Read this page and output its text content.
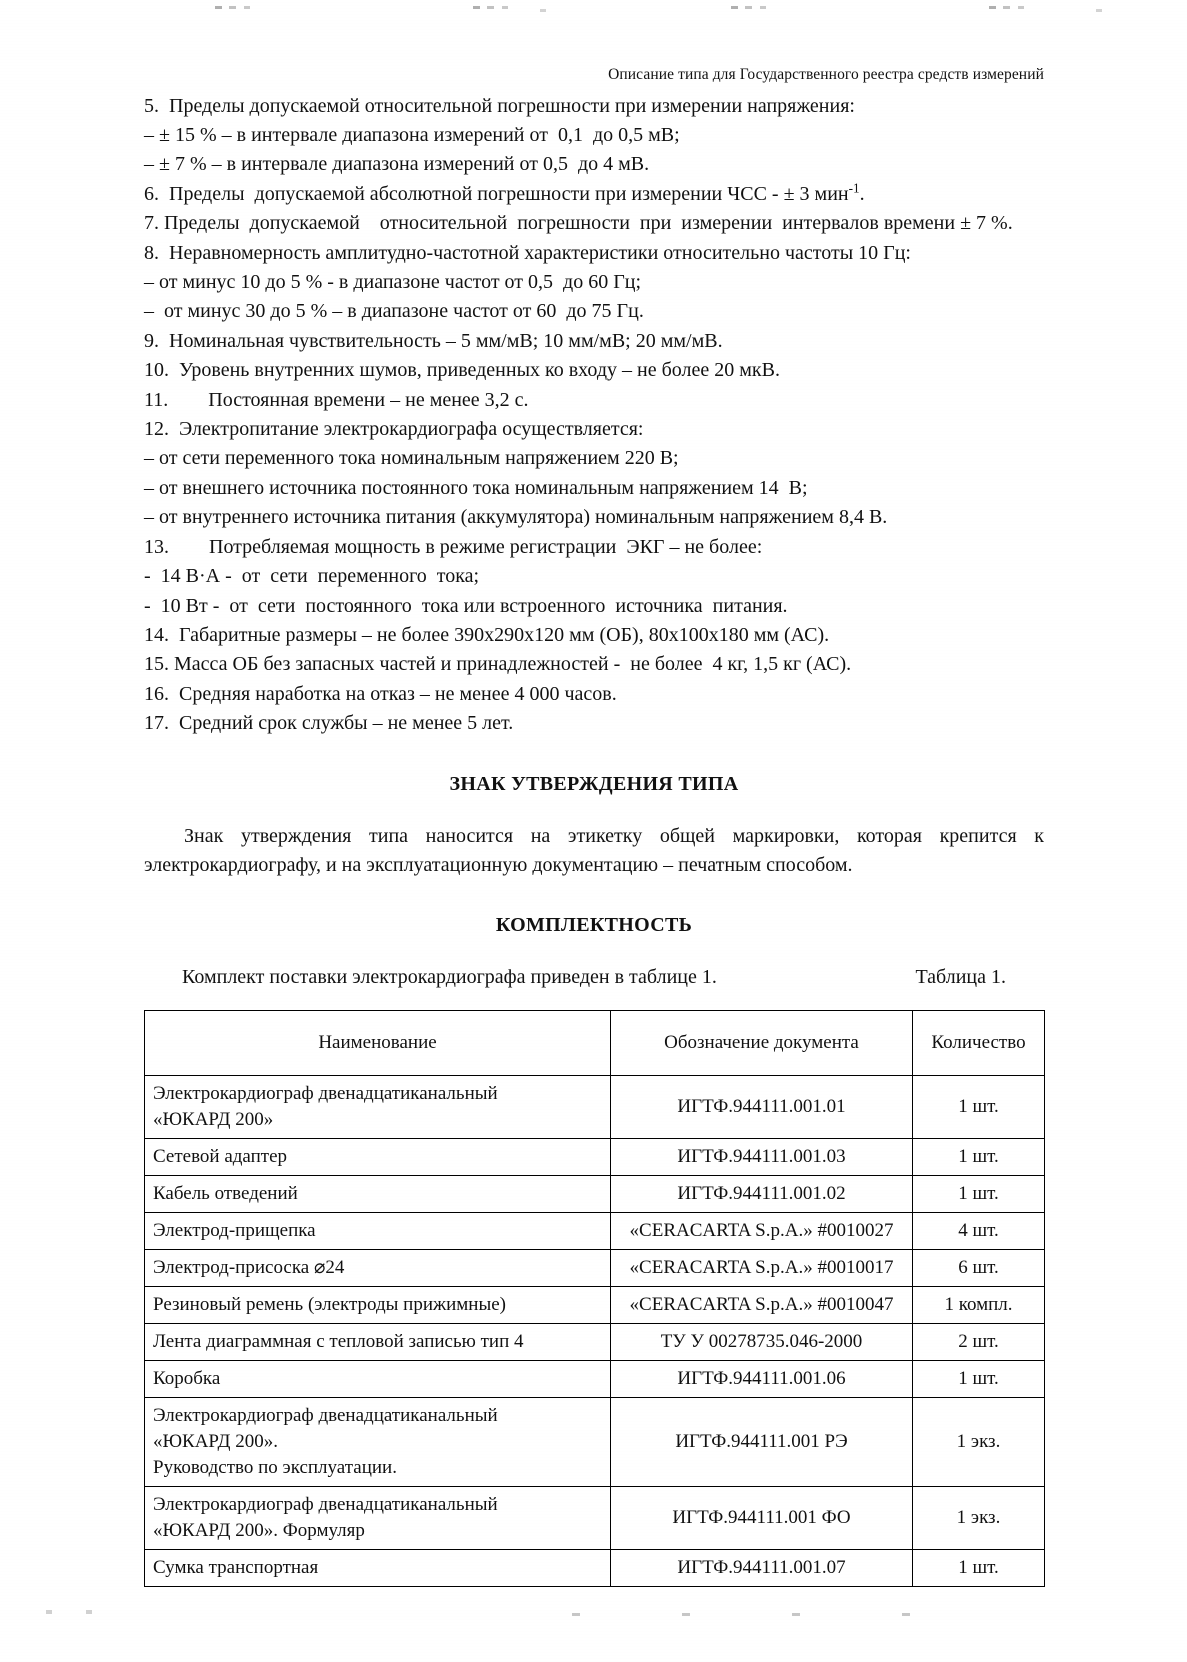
Описание типа для Государственного реестра средств измерений

5.  Пределы допускаемой относительной погрешности при измерении напряжения:

– ± 15 % – в интервале диапазона измерений от  0,1  до 0,5 мВ;

– ± 7 % – в интервале диапазона измерений от 0,5  до 4 мВ.

6.  Пределы  допускаемой абсолютной погрешности при измерении ЧСС - ± 3 мин$^{-1}$.

7. Пределы  допускаемой    относительной  погрешности  при  измерении  интервалов времени ± 7 %.

8.  Неравномерность амплитудно-частотной характеристики относительно частоты 10 Гц:

– от минус 10 до 5 % - в диапазоне частот от 0,5  до 60 Гц;

–  от минус 30 до 5 % – в диапазоне частот от 60  до 75 Гц.

9.  Номинальная чувствительность – 5 мм/мВ; 10 мм/мВ; 20 мм/мВ.

10.  Уровень внутренних шумов, приведенных ко входу – не более 20 мкВ.

11.        Постоянная времени – не менее 3,2 с.

12.  Электропитание электрокардиографа осуществляется:

– от сети переменного тока номинальным напряжением 220 В;

– от внешнего источника постоянного тока номинальным напряжением 14  В;

– от внутреннего источника питания (аккумулятора) номинальным напряжением 8,4 В.

13.        Потребляемая мощность в режиме регистрации  ЭКГ – не более:

-  14 В·А -  от  сети  переменного  тока;

-  10 Вт -  от  сети  постоянного  тока или встроенного  источника  питания.

14.  Габаритные размеры – не более 390х290х120 мм (ОБ), 80х100х180 мм (АС).

15. Масса ОБ без запасных частей и принадлежностей -  не более  4 кг, 1,5 кг (АС).

16.  Средняя наработка на отказ – не менее 4 000 часов.

17.  Средний срок службы – не менее 5 лет.

ЗНАК УТВЕРЖДЕНИЯ ТИПА

Знак утверждения типа наносится на этикетку общей маркировки, которая крепится к электрокардиографу, и на эксплуатационную документацию – печатным способом.

КОМПЛЕКТНОСТЬ
Комплект поставки электрокардиографа приведен в таблице 1.	Таблица 1.
Наименование	Обозначение документа	Количество

Электрокардиограф двенадцатиканальный
«ЮКАРД 200»	ИГТФ.944111.001.01	1 шт.

Сетевой адаптер	ИГТФ.944111.001.03	1 шт.

Кабель отведений	ИГТФ.944111.001.02	1 шт.

Электрод-прищепка	«CERACARTA S.p.A.» #0010027	4 шт.

Электрод-присоска ⌀24	«CERACARTA S.p.A.» #0010017	6 шт.

Резиновый ремень (электроды прижимные)	«CERACARTA S.p.A.» #0010047	1 компл.

Лента диаграммная с тепловой записью тип 4	ТУ У 00278735.046-2000	2 шт.

Коробка	ИГТФ.944111.001.06	1 шт.

Электрокардиограф двенадцатиканальный
«ЮКАРД 200».
Руководство по эксплуатации.	ИГТФ.944111.001 РЭ	1 экз.

Электрокардиограф двенадцатиканальный
«ЮКАРД 200». Формуляр	ИГТФ.944111.001 ФО	1 экз.

Сумка транспортная	ИГТФ.944111.001.07	1 шт.
